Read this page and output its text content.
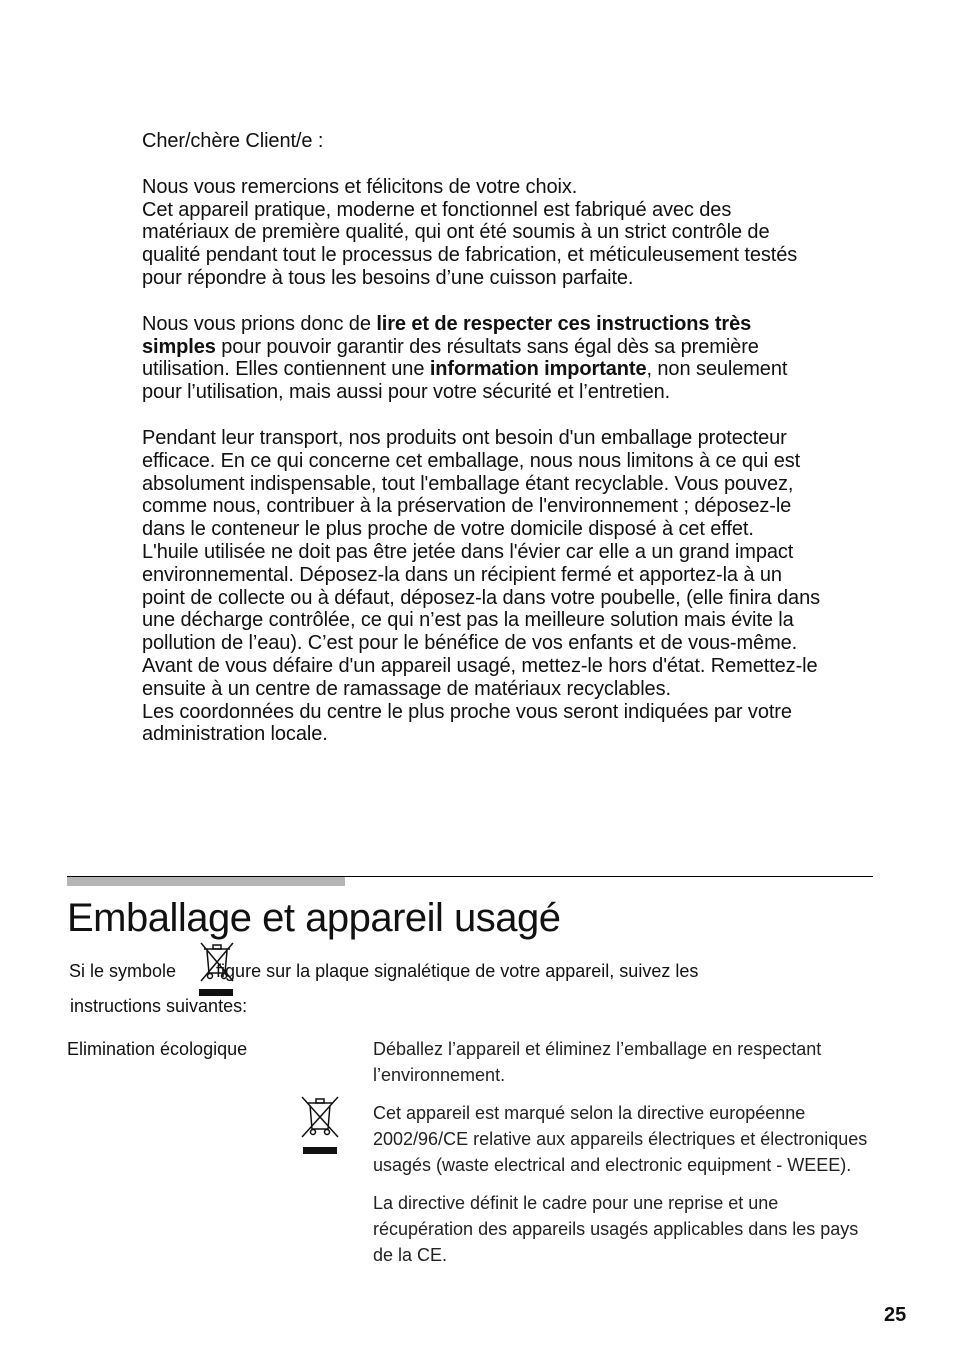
Cher/chère Client/e :

Nous vous remercions et félicitons de votre choix.

Cet appareil pratique, moderne et fonctionnel est fabriqué avec des matériaux de première qualité, qui ont été soumis à un strict contrôle de qualité pendant tout le processus de fabrication, et méticuleusement testés pour répondre à tous les besoins d’une cuisson parfaite.

Nous vous prions donc de lire et de respecter ces instructions très simples pour pouvoir garantir des résultats sans égal dès sa première utilisation. Elles contiennent une information importante, non seulement pour l’utilisation, mais aussi pour votre sécurité et l’entretien.

Pendant leur transport, nos produits ont besoin d'un emballage protecteur efficace. En ce qui concerne cet emballage, nous nous limitons à ce qui est absolument indispensable, tout l'emballage étant recyclable. Vous pouvez, comme nous, contribuer à la préservation de l'environnement ; déposez-le dans le conteneur le plus proche de votre domicile disposé à cet effet.

L'huile utilisée ne doit pas être jetée dans l'évier car elle a un grand impact environnemental. Déposez-la dans un récipient fermé et apportez-la à un point de collecte ou à défaut, déposez-la dans votre poubelle, (elle finira dans une décharge contrôlée, ce qui n’est pas la meilleure solution mais évite la pollution de l’eau). C’est pour le bénéfice de vos enfants et de vous-même.

Avant de vous défaire d'un appareil usagé, mettez-le hors d'état. Remettez-le ensuite à un centre de ramassage de matériaux recyclables.

Les coordonnées du centre le plus proche vous seront indiquées par votre administration locale.

Emballage et appareil usagé
Si le symbole figure sur la plaque signalétique de votre appareil, suivez les
instructions suivantes:
Elimination écologique	Déballez l’appareil et éliminez l’emballage en respectant l’environnement.

Cet appareil est marqué selon la directive européenne 2002/96/CE relative aux appareils électriques et électroniques usagés (waste electrical and electronic equipment - WEEE).

La directive définit le cadre pour une reprise et une récupération des appareils usagés applicables dans les pays de la CE.

25
